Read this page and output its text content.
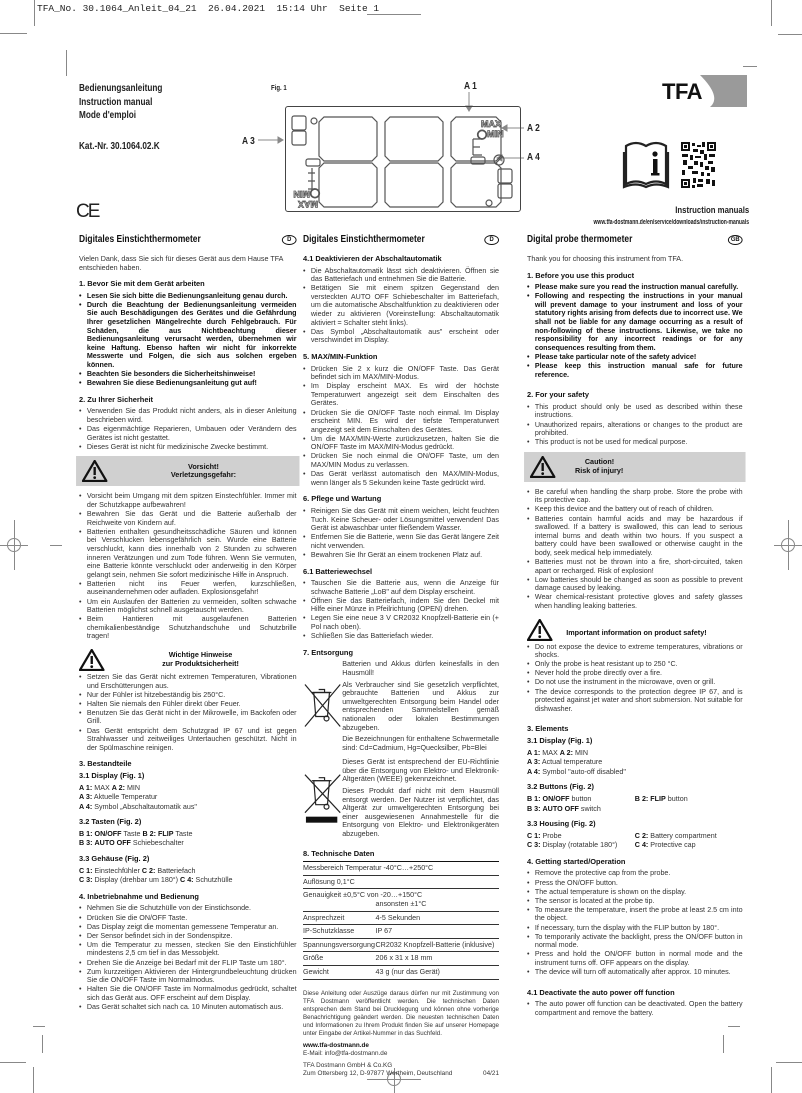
TFA_No. 30.1064_Anleit_04_21  26.04.2021  15:14 Uhr  Seite 1
Bedienungsanleitung
Instruction manual
Mode d'emploi
Kat.-Nr. 30.1064.02.K
CE
Fig. 1	A 1
A 2
A 3
A 4
MAX
◯MIN
◯MIN
MAX
TFA
Instruction manuals
www.tfa-dostmann.de/en/service/downloads/instruction-manuals
Digitales Einstichthermometer	D

Vielen Dank, dass Sie sich für dieses Gerät aus dem Hause TFA entschieden haben.

1. Bevor Sie mit dem Gerät arbeiten
• Lesen Sie sich bitte die Bedienungsanleitung genau durch.
• Durch die Beachtung der Bedienungsanleitung vermeiden Sie auch Beschädigungen des Gerätes und die Gefährdung Ihrer gesetzlichen Mängelrechte durch Fehlgebrauch. Für Schäden, die aus Nichtbeachtung dieser Bedienungsanleitung verursacht werden, übernehmen wir keine Haftung. Ebenso haften wir nicht für inkorrekte Messwerte und Folgen, die sich aus solchen ergeben können.
• Beachten Sie besonders die Sicherheitshinweise!
• Bewahren Sie diese Bedienungsanleitung gut auf!
2. Zu Ihrer Sicherheit
• Verwenden Sie das Produkt nicht anders, als in dieser Anleitung beschrieben wird.
• Das eigenmächtige Reparieren, Umbauen oder Verändern des Gerätes ist nicht gestattet.
• Dieses Gerät ist nicht für medizinische Zwecke bestimmt.
Vorsicht!
Verletzungsgefahr:
• Vorsicht beim Umgang mit dem spitzen Einstechfühler. Immer mit der Schutzkappe aufbewahren!
• Bewahren Sie das Gerät und die Batterie außerhalb der Reichweite von Kindern auf.
• Batterien enthalten gesundheitsschädliche Säuren und können bei Verschlucken lebensgefährlich sein. Wurde eine Batterie verschluckt, kann dies innerhalb von 2 Stunden zu schweren inneren Verätzungen und zum Tode führen. Wenn Sie vermuten, eine Batterie könnte verschluckt oder anderweitig in den Körper gelangt sein, nehmen Sie sofort medizinische Hilfe in Anspruch.
• Batterien nicht ins Feuer werfen, kurzschließen, auseinandernehmen oder aufladen. Explosionsgefahr!
• Um ein Auslaufen der Batterien zu vermeiden, sollten schwache Batterien möglichst schnell ausgetauscht werden.
• Beim Hantieren mit ausgelaufenen Batterien chemikalienbeständige Schutzhandschuhe und Schutzbrille tragen!
Wichtige Hinweise
zur Produktsicherheit!
• Setzen Sie das Gerät nicht extremen Temperaturen, Vibrationen und Erschütterungen aus.
• Nur der Fühler ist hitzebeständig bis 250°C.
• Halten Sie niemals den Fühler direkt über Feuer.
• Benutzen Sie das Gerät nicht in der Mikrowelle, im Backofen oder Grill.
• Das Gerät entspricht dem Schutzgrad IP 67 und ist gegen Strahlwasser und zeitweiliges Untertauchen geschützt. Nicht in der Spülmaschine reinigen.
3. Bestandteile
3.1 Display (Fig. 1)
A 1: MAX A 2: MIN
A 3: Aktuelle Temperatur
A 4: Symbol „Abschaltautomatik aus"
3.2 Tasten (Fig. 2)
B 1: ON/OFF Taste B 2: FLIP Taste
B 3: AUTO OFF Schiebeschalter
3.3 Gehäuse (Fig. 2)
C 1: Einstechfühler C 2: Batteriefach
C 3: Display (drehbar um 180°) C 4: Schutzhülle
4. Inbetriebnahme und Bedienung
• Nehmen Sie die Schutzhülle von der Einstichsonde.
• Drücken Sie die ON/OFF Taste.
• Das Display zeigt die momentan gemessene Temperatur an.
• Der Sensor befindet sich in der Sondenspitze.
• Um die Temperatur zu messen, stecken Sie den Einstichfühler mindestens 2,5 cm tief in das Messobjekt.
• Drehen Sie die Anzeige bei Bedarf mit der FLIP Taste um 180°.
• Zum kurzzeitigen Aktivieren der Hintergrundbeleuchtung drücken Sie die ON/OFF Taste im Normalmodus.
• Halten Sie die ON/OFF Taste im Normalmodus gedrückt, schaltet sich das Gerät aus. OFF erscheint auf dem Display.
• Das Gerät schaltet sich nach ca. 10 Minuten automatisch aus.
Digitales Einstichthermometer	D
4.1 Deaktivieren der Abschaltautomatik
• Die Abschaltautomatik lässt sich deaktivieren. Öffnen sie das Batteriefach und entnehmen Sie die Batterie.
• Betätigen Sie mit einem spitzen Gegenstand den versteckten AUTO OFF Schiebeschalter im Batteriefach, um die automatische Abschaltfunktion zu deaktivieren oder wieder zu aktivieren (Voreinstellung: Abschaltautomatik aktiviert = Schalter steht links).
• Das Symbol „Abschaltautomatik aus" erscheint oder verschwindet im Display.
5. MAX/MIN-Funktion
• Drücken Sie 2 x kurz die ON/OFF Taste. Das Gerät befindet sich im MAX/MIN-Modus.
• Im Display erscheint MAX. Es wird der höchste Temperaturwert angezeigt seit dem Einschalten des Gerätes.
• Drücken Sie die ON/OFF Taste noch einmal. Im Display erscheint MIN. Es wird der tiefste Temperaturwert angezeigt seit dem Einschalten des Gerätes.
• Um die MAX/MIN-Werte zurückzusetzen, halten Sie die ON/OFF Taste im MAX/MIN-Modus gedrückt.
• Drücken Sie noch einmal die ON/OFF Taste, um den MAX/MIN Modus zu verlassen.
• Das Gerät verlässt automatisch den MAX/MIN-Modus, wenn länger als 5 Sekunden keine Taste gedrückt wird.
6. Pflege und Wartung
• Reinigen Sie das Gerät mit einem weichen, leicht feuchten Tuch. Keine Scheuer- oder Lösungsmittel verwenden! Das Gerät ist abwaschbar unter fließendem Wasser.
• Entfernen Sie die Batterie, wenn Sie das Gerät längere Zeit nicht verwenden.
• Bewahren Sie Ihr Gerät an einem trockenen Platz auf.
6.1 Batteriewechsel
• Tauschen Sie die Batterie aus, wenn die Anzeige für schwache Batterie „LoB" auf dem Display erscheint.
• Öffnen Sie das Batteriefach, indem Sie den Deckel mit Hilfe einer Münze in Pfeilrichtung (OPEN) drehen.
• Legen Sie eine neue 3 V CR2032 Knopfzell-Batterie ein (+ Pol nach oben).
• Schließen Sie das Batteriefach wieder.
7. Entsorgung

Batterien und Akkus dürfen keinesfalls in den Hausmüll!

Als Verbraucher sind Sie gesetzlich verpflichtet, gebrauchte Batterien und Akkus zur umweltgerechten Entsorgung beim Handel oder entsprechenden Sammelstellen gemäß nationalen oder lokalen Bestimmungen abzugeben.

Die Bezeichnungen für enthaltene Schwermetalle sind: Cd=Cadmium, Hg=Quecksilber, Pb=Blei

Dieses Gerät ist entsprechend der EU-Richtlinie über die Entsorgung von Elektro- und Elektronik-Altgeräten (WEEE) gekennzeichnet.

Dieses Produkt darf nicht mit dem Hausmüll entsorgt werden. Der Nutzer ist verpflichtet, das Altgerät zur umweltgerechten Entsorgung bei einer ausgewiesenen Annahmestelle für die Entsorgung von Elektro- und Elektronikgeräten abzugeben.

8. Technische Daten
Messbereich Temperatur -40°C…+250°C	
Auflösung 0,1°C	

Genauigkeit ±0,5°C von -20…+150°C
ansonsten ±1°C	

Ansprechzeit	4-5 Sekunden
IP-Schutzklasse	IP 67
Spannungsversorgung	CR2032 Knopfzell-Batterie (inklusive)
Größe	206 x 31 x 18 mm
Gewicht	43 g (nur das Gerät)

Diese Anleitung oder Auszüge daraus dürfen nur mit Zustimmung von TFA Dostmann veröffentlicht werden. Die technischen Daten entsprechen dem Stand bei Drucklegung und können ohne vorherige Benachrichtigung geändert werden. Die neuesten technischen Daten und Informationen zu Ihrem Produkt finden Sie auf unserer Homepage unter Eingabe der Artikel-Nummer in das Suchfeld.

www.tfa-dostmann.de
E-Mail: info@tfa-dostmann.de
TFA Dostmann GmbH & Co.KG
Zum Ottersberg 12, D-97877 Wertheim, Deutschland	04/21
Digital probe thermometer	GB

Thank you for choosing this instrument from TFA.

1. Before you use this product
• Please make sure you read the instruction manual carefully.
• Following and respecting the instructions in your manual will prevent damage to your instrument and loss of your statutory rights arising from defects due to incorrect use. We shall not be liable for any damage occurring as a result of non-following of these instructions. Likewise, we take no responsibility for any incorrect readings or for any consequences resulting from them.
• Please take particular note of the safety advice!
• Please keep this instruction manual safe for future reference.
2. For your safety
• This product should only be used as described within these instructions.
• Unauthorized repairs, alterations or changes to the product are prohibited.
• This product is not be used for medical purpose.
Caution!
Risk of injury!
• Be careful when handling the sharp probe. Store the probe with its protective cap.
• Keep this device and the battery out of reach of children.
• Batteries contain harmful acids and may be hazardous if swallowed. If a battery is swallowed, this can lead to serious internal burns and death within two hours. If you suspect a battery could have been swallowed or otherwise caught in the body, seek medical help immediately.
• Batteries must not be thrown into a fire, short-circuited, taken apart or recharged. Risk of explosion!
• Low batteries should be changed as soon as possible to prevent damage caused by leaking.
• Wear chemical-resistant protective gloves and safety glasses when handling leaking batteries.
Important information on product safety!
• Do not expose the device to extreme temperatures, vibrations or shocks.
• Only the probe is heat resistant up to 250 °C.
• Never hold the probe directly over a fire.
• Do not use the instrument in the microwave, oven or grill.
• The device corresponds to the protection degree IP 67, and is protected against jet water and short submersion. Not suitable for dishwasher.
3. Elements
3.1 Display (Fig. 1)
A 1: MAX A 2: MIN
A 3: Actual temperature
A 4: Symbol "auto-off disabled"
3.2 Buttons (Fig. 2)
B 1: ON/OFF button	B 2: FLIP button
B 3: AUTO OFF switch
3.3 Housing (Fig. 2)
C 1: Probe	C 2: Battery compartment
C 3: Display (rotatable 180°)	C 4: Protective cap
4. Getting started/Operation
• Remove the protective cap from the probe.
• Press the ON/OFF button.
• The actual temperature is shown on the display.
• The sensor is located at the probe tip.
• To measure the temperature, insert the probe at least 2.5 cm into the object.
• If necessary, turn the display with the FLIP button by 180°.
• To temporarily activate the backlight, press the ON/OFF button in normal mode.
• Press and hold the ON/OFF button in normal mode and the instrument turns off. OFF appears on the display.
• The device will turn off automatically after approx. 10 minutes.
4.1 Deactivate the auto power off function
• The auto power off function can be deactivated. Open the battery compartment and remove the battery.
